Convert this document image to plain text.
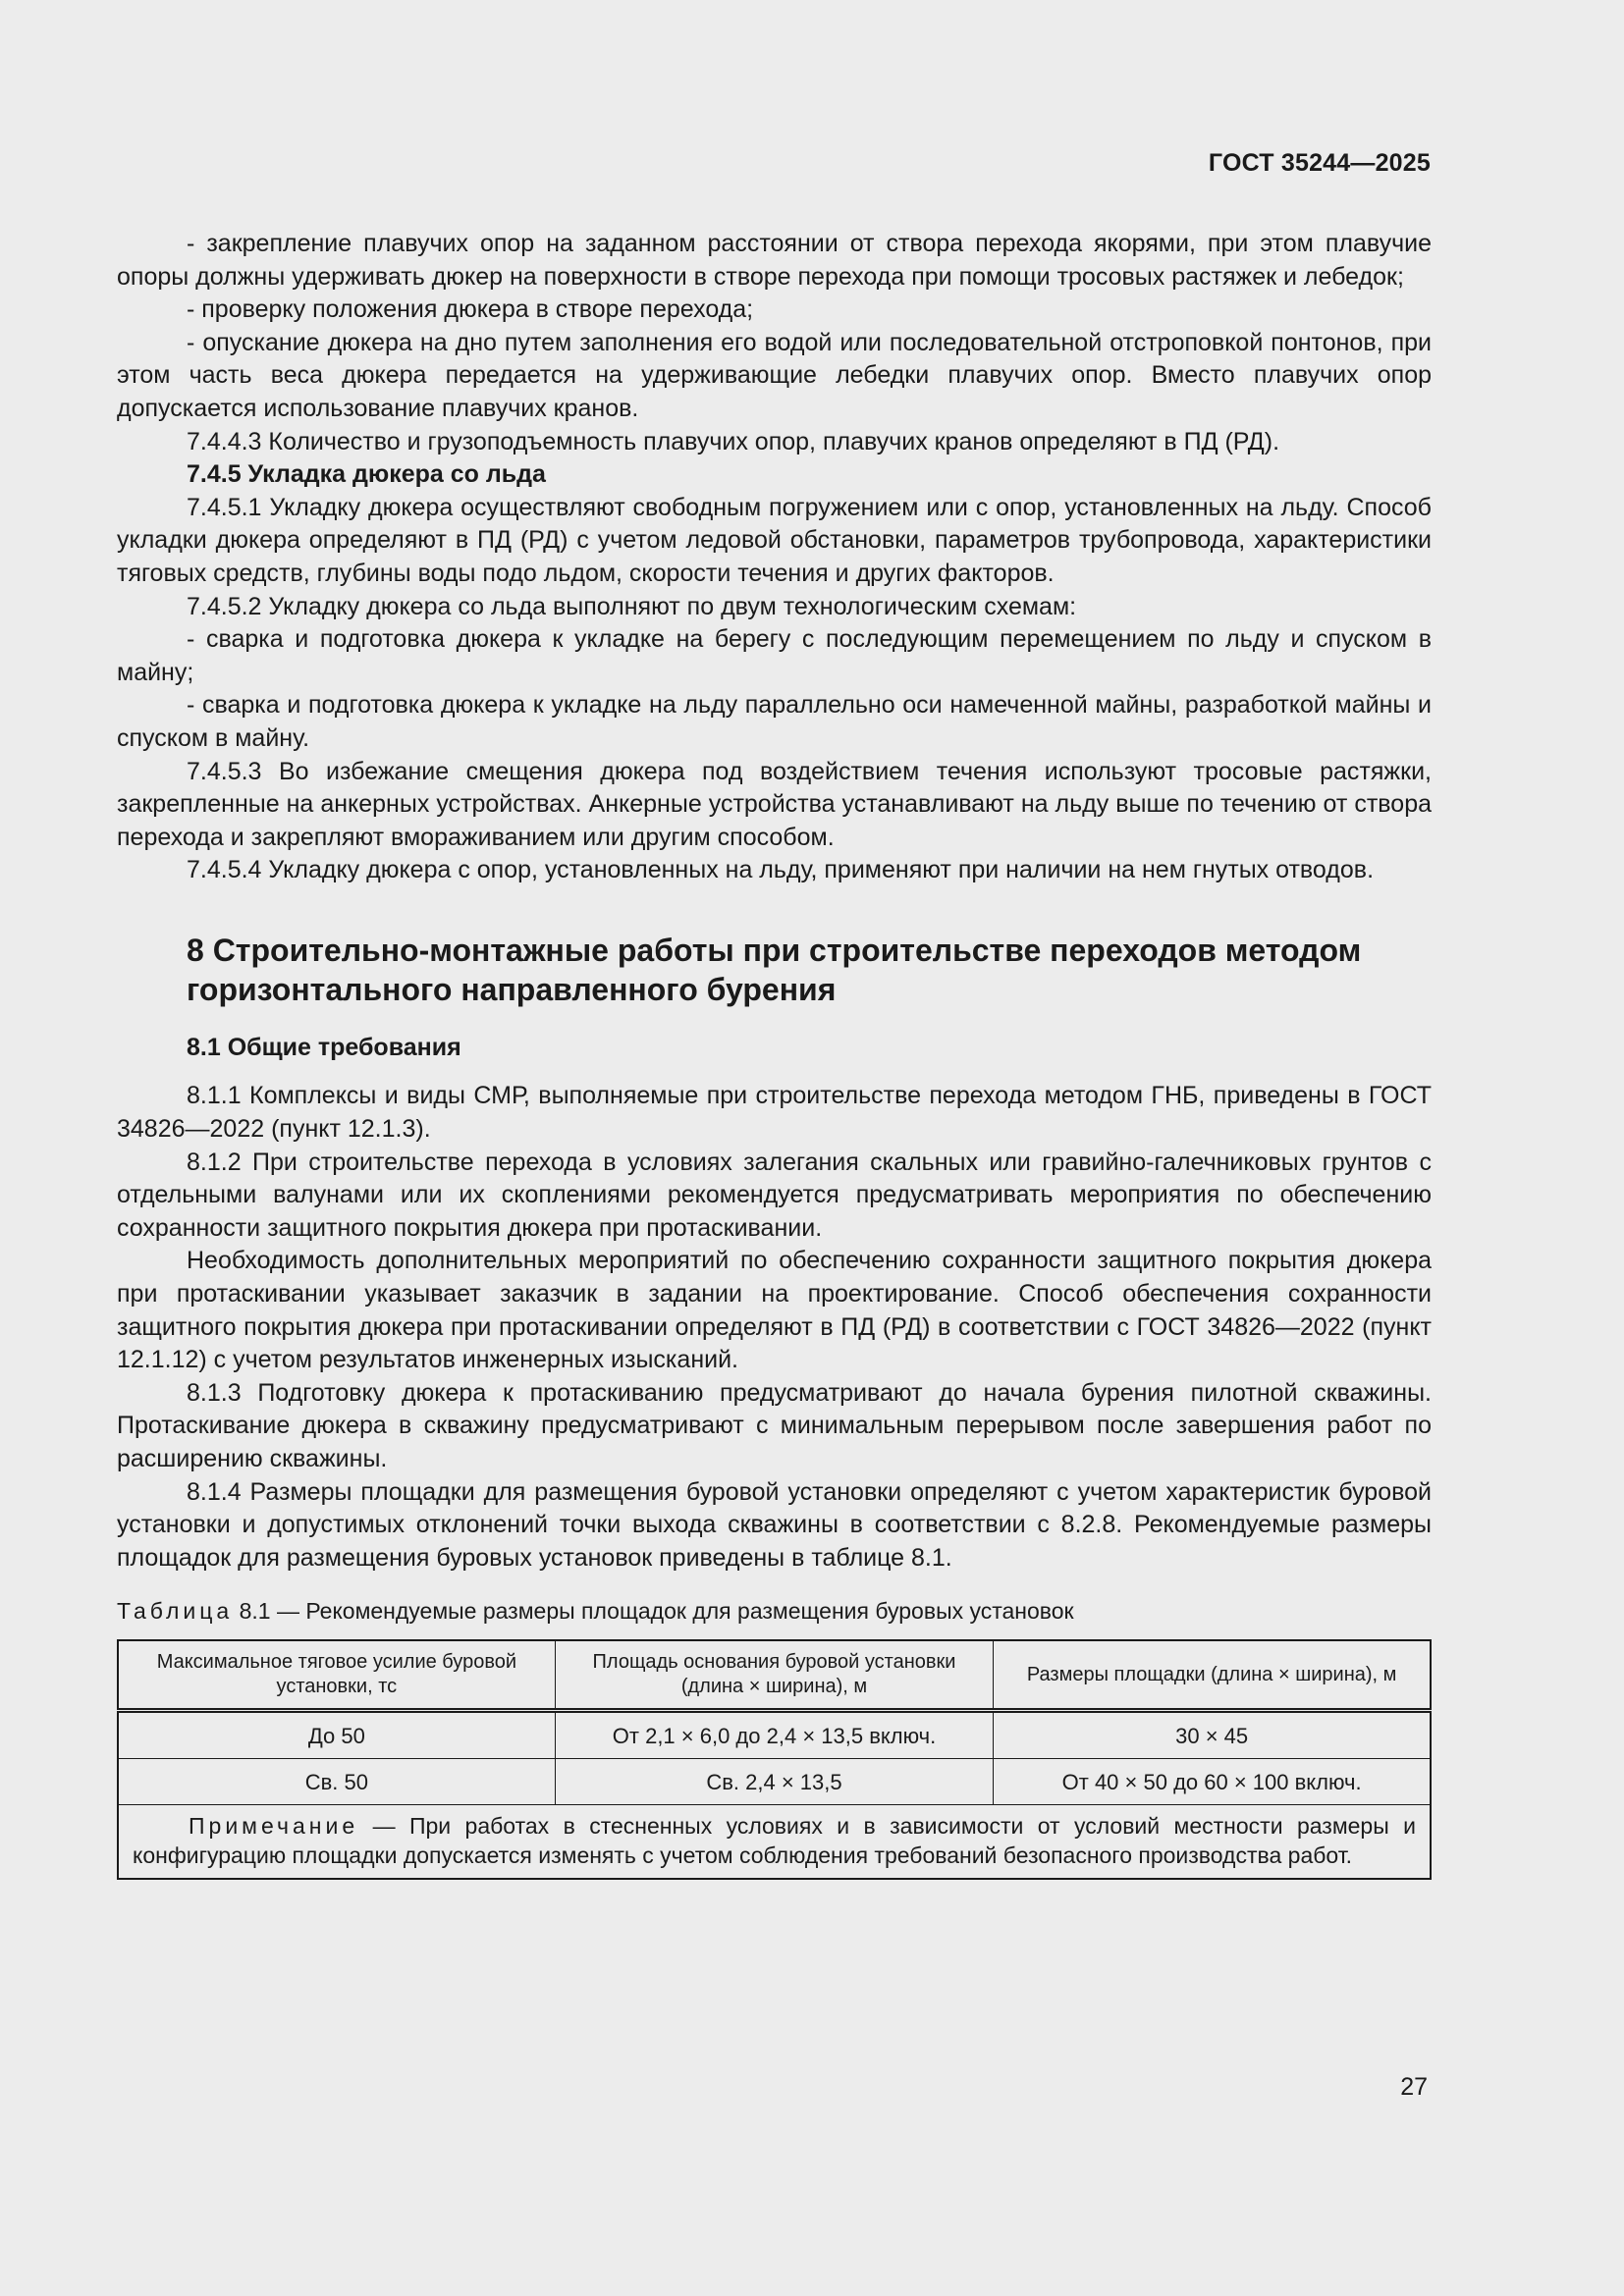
ГОСТ 35244—2025

- закрепление плавучих опор на заданном расстоянии от створа перехода якорями, при этом плавучие опоры должны удерживать дюкер на поверхности в створе перехода при помощи тросовых растяжек и лебедок;

- проверку положения дюкера в створе перехода;

- опускание дюкера на дно путем заполнения его водой или последовательной отстроповкой понтонов, при этом часть веса дюкера передается на удерживающие лебедки плавучих опор. Вместо плавучих опор допускается использование плавучих кранов.

7.4.4.3 Количество и грузоподъемность плавучих опор, плавучих кранов определяют в ПД (РД).

7.4.5 Укладка дюкера со льда

7.4.5.1 Укладку дюкера осуществляют свободным погружением или с опор, установленных на льду. Способ укладки дюкера определяют в ПД (РД) с учетом ледовой обстановки, параметров трубопровода, характеристики тяговых средств, глубины воды подо льдом, скорости течения и других факторов.

7.4.5.2 Укладку дюкера со льда выполняют по двум технологическим схемам:

- сварка и подготовка дюкера к укладке на берегу с последующим перемещением по льду и спуском в майну;

- сварка и подготовка дюкера к укладке на льду параллельно оси намеченной майны, разработкой майны и спуском в майну.

7.4.5.3 Во избежание смещения дюкера под воздействием течения используют тросовые растяжки, закрепленные на анкерных устройствах. Анкерные устройства устанавливают на льду выше по течению от створа перехода и закрепляют вмораживанием или другим способом.

7.4.5.4 Укладку дюкера с опор, установленных на льду, применяют при наличии на нем гнутых отводов.

8 Строительно-монтажные работы при строительстве переходов методом горизонтального направленного бурения
8.1 Общие требования

8.1.1 Комплексы и виды СМР, выполняемые при строительстве перехода методом ГНБ, приведены в ГОСТ 34826—2022 (пункт 12.1.3).

8.1.2 При строительстве перехода в условиях залегания скальных или гравийно-галечниковых грунтов с отдельными валунами или их скоплениями рекомендуется предусматривать мероприятия по обеспечению сохранности защитного покрытия дюкера при протаскивании.

Необходимость дополнительных мероприятий по обеспечению сохранности защитного покрытия дюкера при протаскивании указывает заказчик в задании на проектирование. Способ обеспечения сохранности защитного покрытия дюкера при протаскивании определяют в ПД (РД) в соответствии с ГОСТ 34826—2022 (пункт 12.1.12) с учетом результатов инженерных изысканий.

8.1.3 Подготовку дюкера к протаскиванию предусматривают до начала бурения пилотной скважины. Протаскивание дюкера в скважину предусматривают с минимальным перерывом после завершения работ по расширению скважины.

8.1.4 Размеры площадки для размещения буровой установки определяют с учетом характеристик буровой установки и допустимых отклонений точки выхода скважины в соответствии с 8.2.8. Рекомендуемые размеры площадок для размещения буровых установок приведены в таблице 8.1.

Таблица 8.1 — Рекомендуемые размеры площадок для размещения буровых установок
Максимальное тяговое усилие буровой установки, тс	Площадь основания буровой установки (длина × ширина), м	Размеры площадки (длина × ширина), м
До 50	От 2,1 × 6,0 до 2,4 × 13,5 включ.	30 × 45
Св. 50	Св. 2,4 × 13,5	От 40 × 50 до 60 × 100 включ.
Примечание — При работах в стесненных условиях и в зависимости от условий местности размеры и конфигурацию площадки допускается изменять с учетом соблюдения требований безопасного производства работ.		
27
